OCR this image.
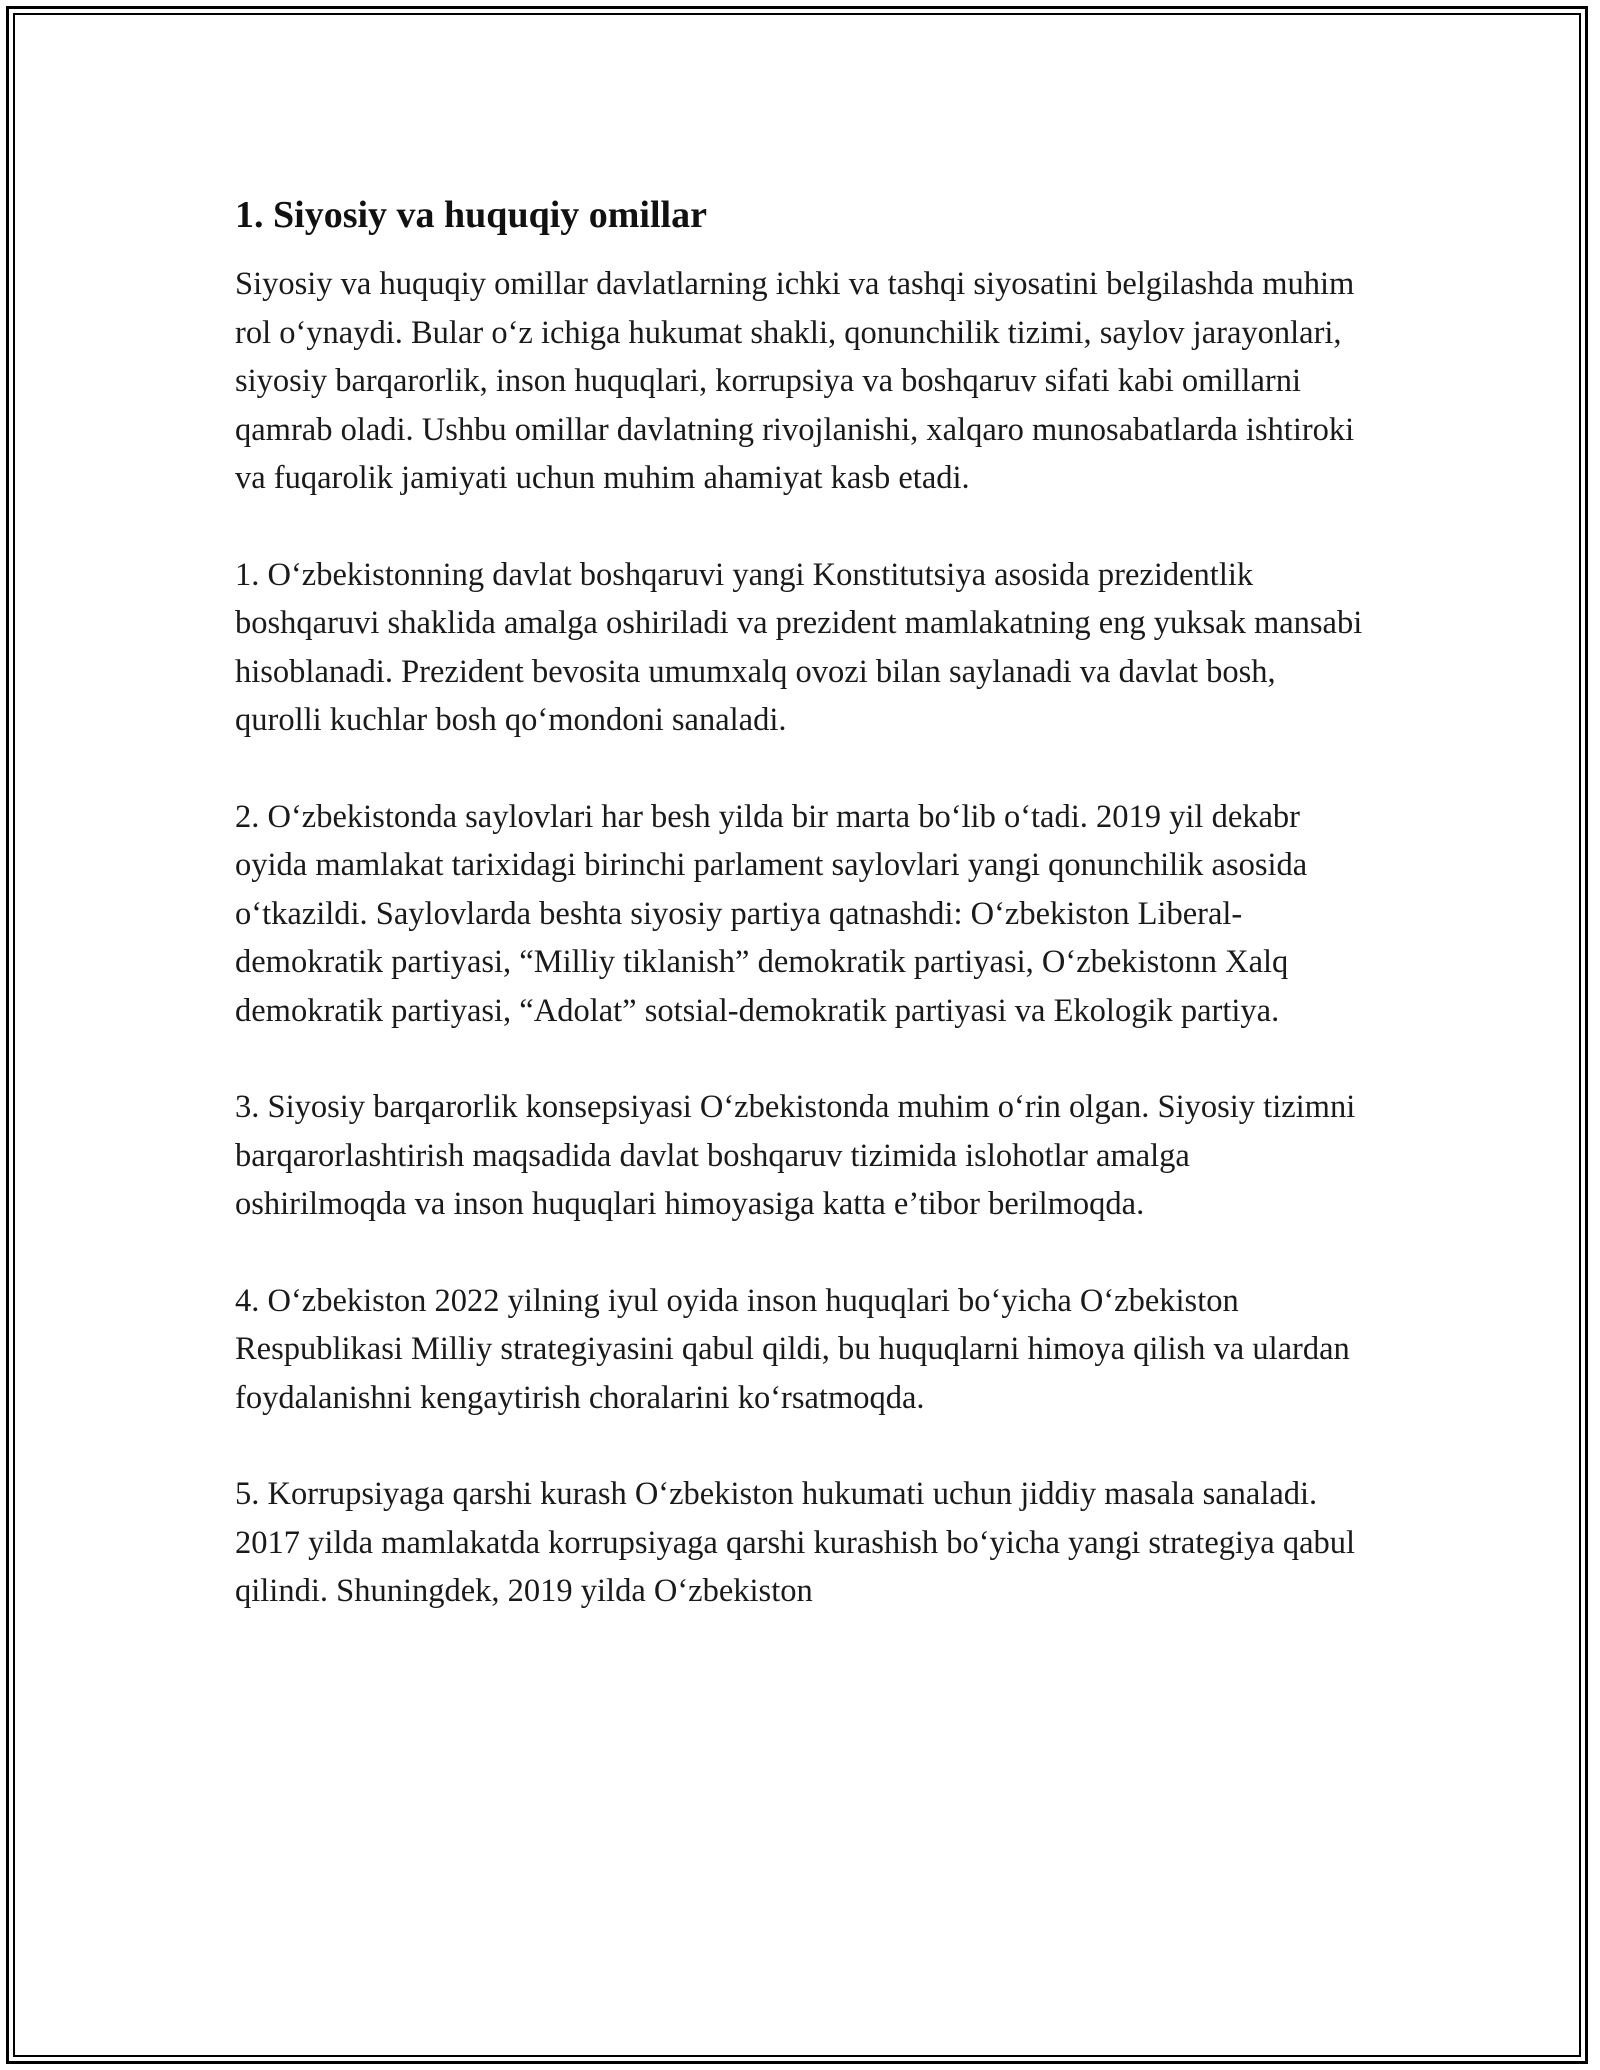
1. Siyosiy va huquqiy omillar

Siyosiy va huquqiy omillar davlatlarning ichki va tashqi siyosatini belgilashda muhim rol o‘ynaydi. Bular o‘z ichiga hukumat shakli, qonunchilik tizimi, saylov jarayonlari, siyosiy barqarorlik, inson huquqlari, korrupsiya va boshqaruv sifati kabi omillarni qamrab oladi. Ushbu omillar davlatning rivojlanishi, xalqaro munosabatlarda ishtiroki va fuqarolik jamiyati uchun muhim ahamiyat kasb etadi.

1. O‘zbekistonning davlat boshqaruvi yangi Konstitutsiya asosida prezidentlik boshqaruvi shaklida amalga oshiriladi va prezident mamlakatning eng yuksak mansabi hisoblanadi. Prezident bevosita umumxalq ovozi bilan saylanadi va davlat bosh, qurolli kuchlar bosh qo‘mondoni sanaladi.

2. O‘zbekistonda saylovlari har besh yilda bir marta bo‘lib o‘tadi. 2019 yil dekabr oyida mamlakat tarixidagi birinchi parlament saylovlari yangi qonunchilik asosida o‘tkazildi. Saylovlarda beshta siyosiy partiya qatnashdi: O‘zbekiston Liberal-demokratik partiyasi, “Milliy tiklanish” demokratik partiyasi, O‘zbekistonn Xalq demokratik partiyasi, “Adolat” sotsial-demokratik partiyasi va Ekologik partiya.

3. Siyosiy barqarorlik konsepsiyasi O‘zbekistonda muhim o‘rin olgan. Siyosiy tizimni barqarorlashtirish maqsadida davlat boshqaruv tizimida islohotlar amalga oshirilmoqda va inson huquqlari himoyasiga katta e’tibor berilmoqda.

4. O‘zbekiston 2022 yilning iyul oyida inson huquqlari bo‘yicha O‘zbekiston Respublikasi Milliy strategiyasini qabul qildi, bu huquqlarni himoya qilish va ulardan foydalanishni kengaytirish choralarini ko‘rsatmoqda.

5. Korrupsiyaga qarshi kurash O‘zbekiston hukumati uchun jiddiy masala sanaladi. 2017 yilda mamlakatda korrupsiyaga qarshi kurashish bo‘yicha yangi strategiya qabul qilindi. Shuningdek, 2019 yilda O‘zbekiston
